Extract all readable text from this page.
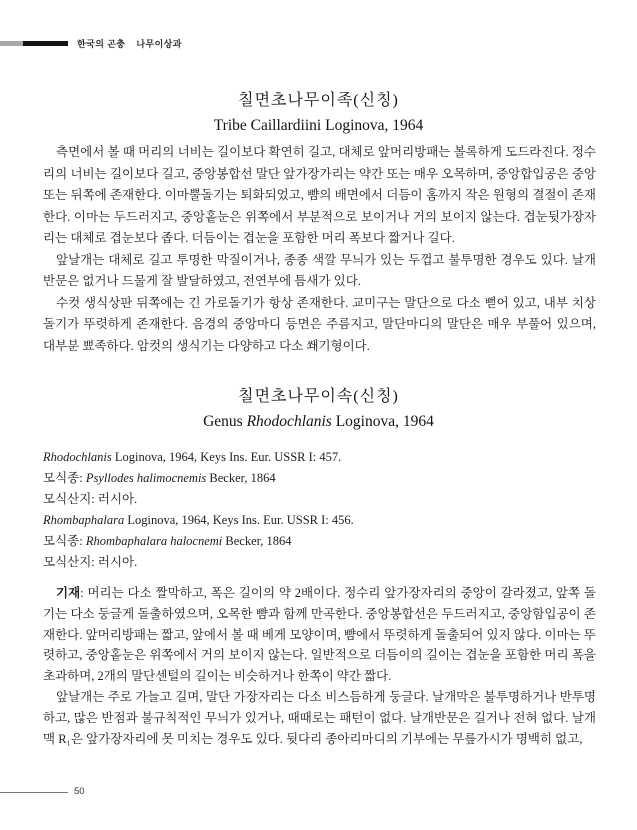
한국의 곤충 나무이상과
칠면초나무이족(신칭)
Tribe Caillardiini Loginova, 1964

측면에서 볼 때 머리의 너비는 길이보다 확연히 길고, 대체로 앞머리방패는 볼록하게 도드라진다. 정수리의 너비는 길이보다 길고, 중앙봉합선 말단 앞가장가리는 약간 또는 매우 오목하며, 중앙합입공은 중앙 또는 뒤쪽에 존재한다. 이마뿔돌기는 퇴화되었고, 뺨의 배면에서 더듬이 홈까지 작은 원형의 결절이 존재한다. 이마는 두드러지고, 중앙홑눈은 위쪽에서 부분적으로 보이거나 거의 보이지 않는다. 겹눈뒷가장자리는 대체로 겹눈보다 좁다. 더듬이는 겹눈을 포함한 머리 폭보다 짧거나 길다.

앞날개는 대체로 길고 투명한 막질이거나, 종종 색깔 무늬가 있는 두껍고 불투명한 경우도 있다. 날개반문은 없거나 드물게 잘 발달하였고, 전연부에 틈새가 있다.

수컷 생식상판 뒤쪽에는 긴 가로돌기가 항상 존재한다. 교미구는 말단으로 다소 뻗어 있고, 내부 치상돌기가 뚜렷하게 존재한다. 음경의 중앙마디 등면은 주름지고, 말단마디의 말단은 매우 부풀어 있으며, 대부분 뾰족하다. 암컷의 생식기는 다양하고 다소 쐐기형이다.

칠면초나무이속(신칭)
Genus Rhodochlanis Loginova, 1964

Rhodochlanis Loginova, 1964, Keys Ins. Eur. USSR I: 457.

모식종: Psyllodes halimocnemis Becker, 1864

모식산지: 러시아.

Rhombaphalara Loginova, 1964, Keys Ins. Eur. USSR I: 456.

모식종: Rhombaphalara halocnemi Becker, 1864

모식산지: 러시아.

기재: 머리는 다소 짤막하고, 폭은 길이의 약 2배이다. 정수리 앞가장자리의 중앙이 갈라졌고, 앞쪽 돌기는 다소 둥글게 돌출하였으며, 오목한 뺨과 함께 만곡한다. 중앙봉합선은 두드러지고, 중앙함입공이 존재한다. 앞머리방패는 짧고, 앞에서 볼 때 베게 모양이며, 뺨에서 뚜렷하게 돌출되어 있지 않다. 이마는 뚜렷하고, 중앙홑눈은 위쪽에서 거의 보이지 않는다. 일반적으로 더듬이의 길이는 겹눈을 포함한 머리 폭을 초과하며, 2개의 말단센털의 길이는 비슷하거나 한쪽이 약간 짧다.

앞날개는 주로 가늘고 길며, 말단 가장자리는 다소 비스듬하게 둥글다. 날개막은 불투명하거나 반투명하고, 많은 반점과 불규칙적인 무늬가 있거나, 때때로는 패턴이 없다. 날개반문은 길거나 전혀 없다. 날개맥 R₁은 앞가장자리에 못 미치는 경우도 있다. 뒷다리 종아리마디의 기부에는 무릎가시가 명백히 없고,

50
